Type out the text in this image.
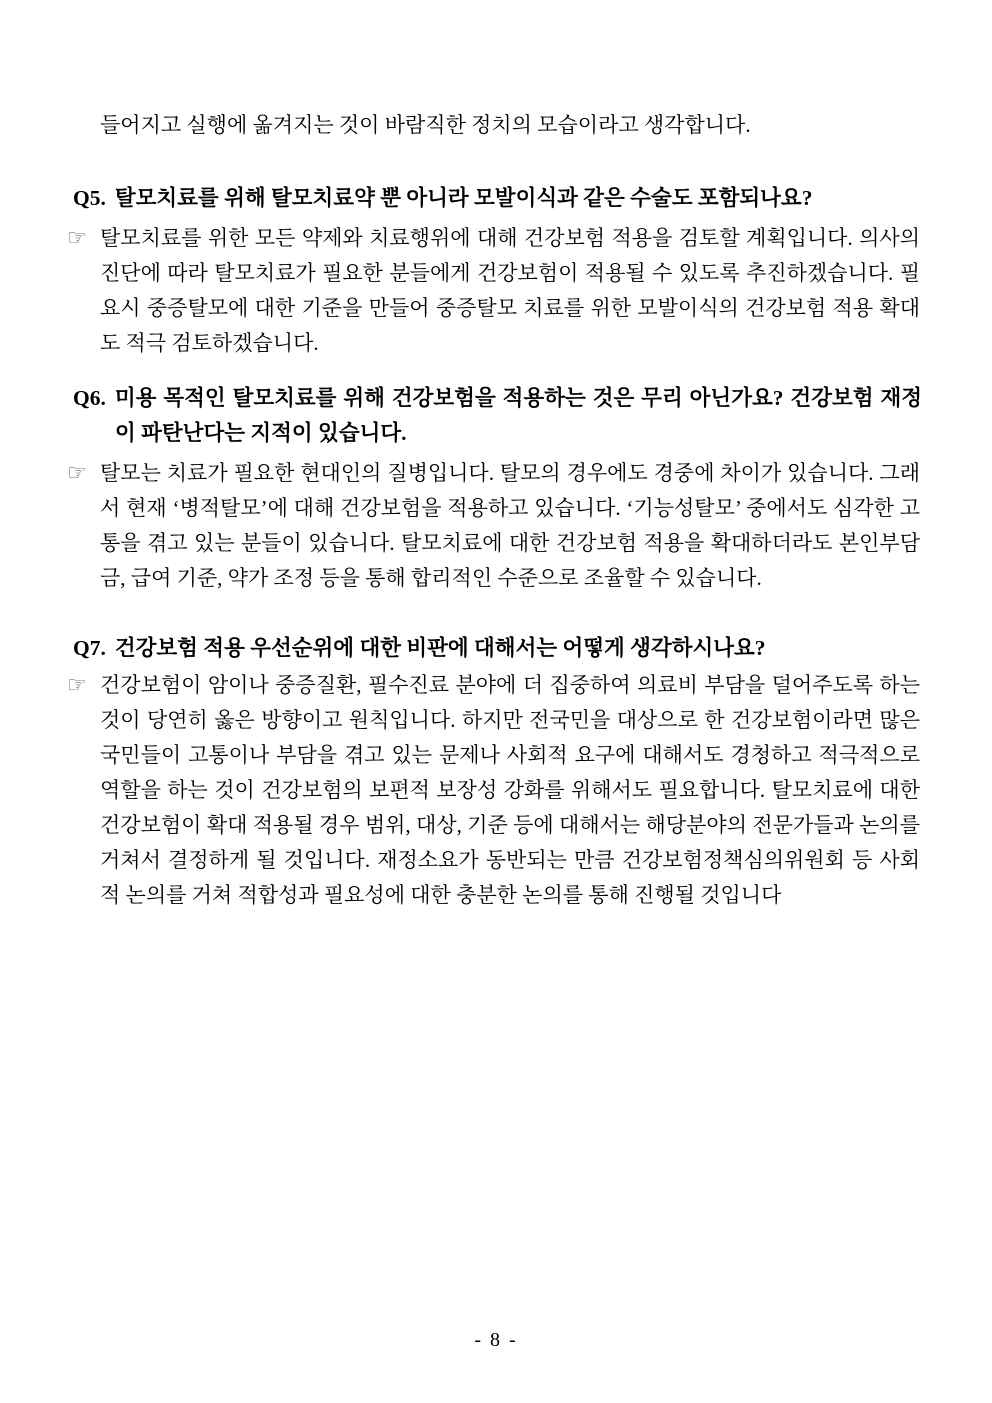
들어지고 실행에 옮겨지는 것이 바람직한 정치의 모습이라고 생각합니다.

Q5. 탈모치료를 위해 탈모치료약 뿐 아니라 모발이식과 같은 수술도 포함되나요?
☞ 탈모치료를 위한 모든 약제와 치료행위에 대해 건강보험 적용을 검토할 계획입니다. 의사의 진단에 따라 탈모치료가 필요한 분들에게 건강보험이 적용될 수 있도록 추진하겠습니다. 필요시 중증탈모에 대한 기준을 만들어 중증탈모 치료를 위한 모발이식의 건강보험 적용 확대도 적극 검토하겠습니다.
Q6. 미용 목적인 탈모치료를 위해 건강보험을 적용하는 것은 무리 아닌가요? 건강보험 재정이 파탄난다는 지적이 있습니다.
☞ 탈모는 치료가 필요한 현대인의 질병입니다. 탈모의 경우에도 경중에 차이가 있습니다. 그래서 현재 ‘병적탈모’에 대해 건강보험을 적용하고 있습니다. ‘기능성탈모’ 중에서도 심각한 고통을 겪고 있는 분들이 있습니다. 탈모치료에 대한 건강보험 적용을 확대하더라도 본인부담금, 급여 기준, 약가 조정 등을 통해 합리적인 수준으로 조율할 수 있습니다.
Q7. 건강보험 적용 우선순위에 대한 비판에 대해서는 어떻게 생각하시나요?
☞ 건강보험이 암이나 중증질환, 필수진료 분야에 더 집중하여 의료비 부담을 덜어주도록 하는 것이 당연히 옳은 방향이고 원칙입니다. 하지만 전국민을 대상으로 한 건강보험이라면 많은 국민들이 고통이나 부담을 겪고 있는 문제나 사회적 요구에 대해서도 경청하고 적극적으로 역할을 하는 것이 건강보험의 보편적 보장성 강화를 위해서도 필요합니다. 탈모치료에 대한 건강보험이 확대 적용될 경우 범위, 대상, 기준 등에 대해서는 해당분야의 전문가들과 논의를 거쳐서 결정하게 될 것입니다. 재정소요가 동반되는 만큼 건강보험정책심의위원회 등 사회적 논의를 거쳐 적합성과 필요성에 대한 충분한 논의를 통해 진행될 것입니다
- 8 -
